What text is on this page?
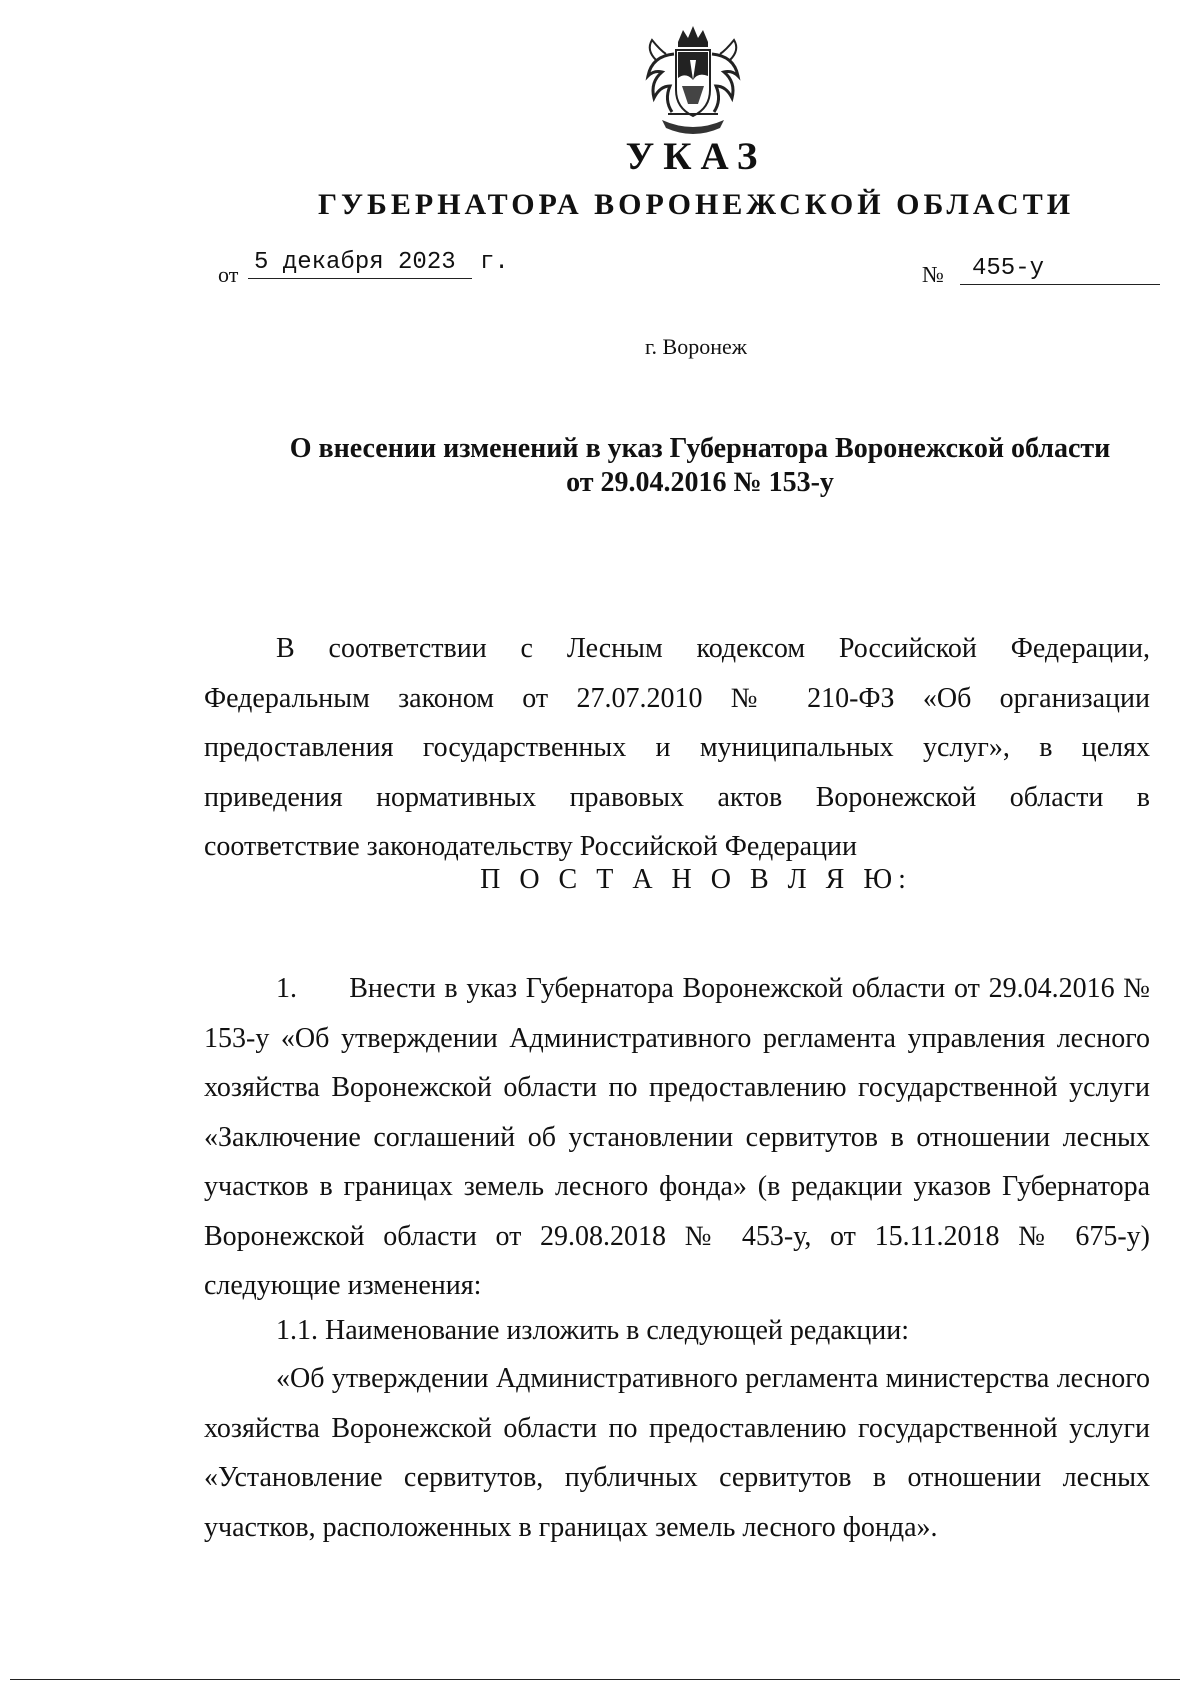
УКАЗ
ГУБЕРНАТОРА ВОРОНЕЖСКОЙ ОБЛАСТИ
от 5 декабря 2023	г.	№	455-у
г. Воронеж
О внесении изменений в указ Губернатора Воронежской области
от 29.04.2016 № 153-у
В соответствии с Лесным кодексом Российской Федерации, Федеральным законом от 27.07.2010 № 210-ФЗ «Об организации предоставления государственных и муниципальных услуг», в целях приведения нормативных правовых актов Воронежской области в соответствие законодательству Российской Федерации
П О С Т А Н О В Л Я Ю:
1.      Внести в указ Губернатора Воронежской области от 29.04.2016 № 153-у «Об утверждении Административного регламента управления лесного хозяйства Воронежской области по предоставлению государственной услуги «Заключение соглашений об установлении сервитутов в отношении лесных участков в границах земель лесного фонда» (в редакции указов Губернатора Воронежской области от 29.08.2018 № 453-у, от 15.11.2018 № 675-у) следующие изменения:
1.1. Наименование изложить в следующей редакции:
«Об утверждении Административного регламента министерства лесного хозяйства Воронежской области по предоставлению государственной услуги «Установление сервитутов, публичных сервитутов в отношении лесных участков, расположенных в границах земель лесного фонда».
